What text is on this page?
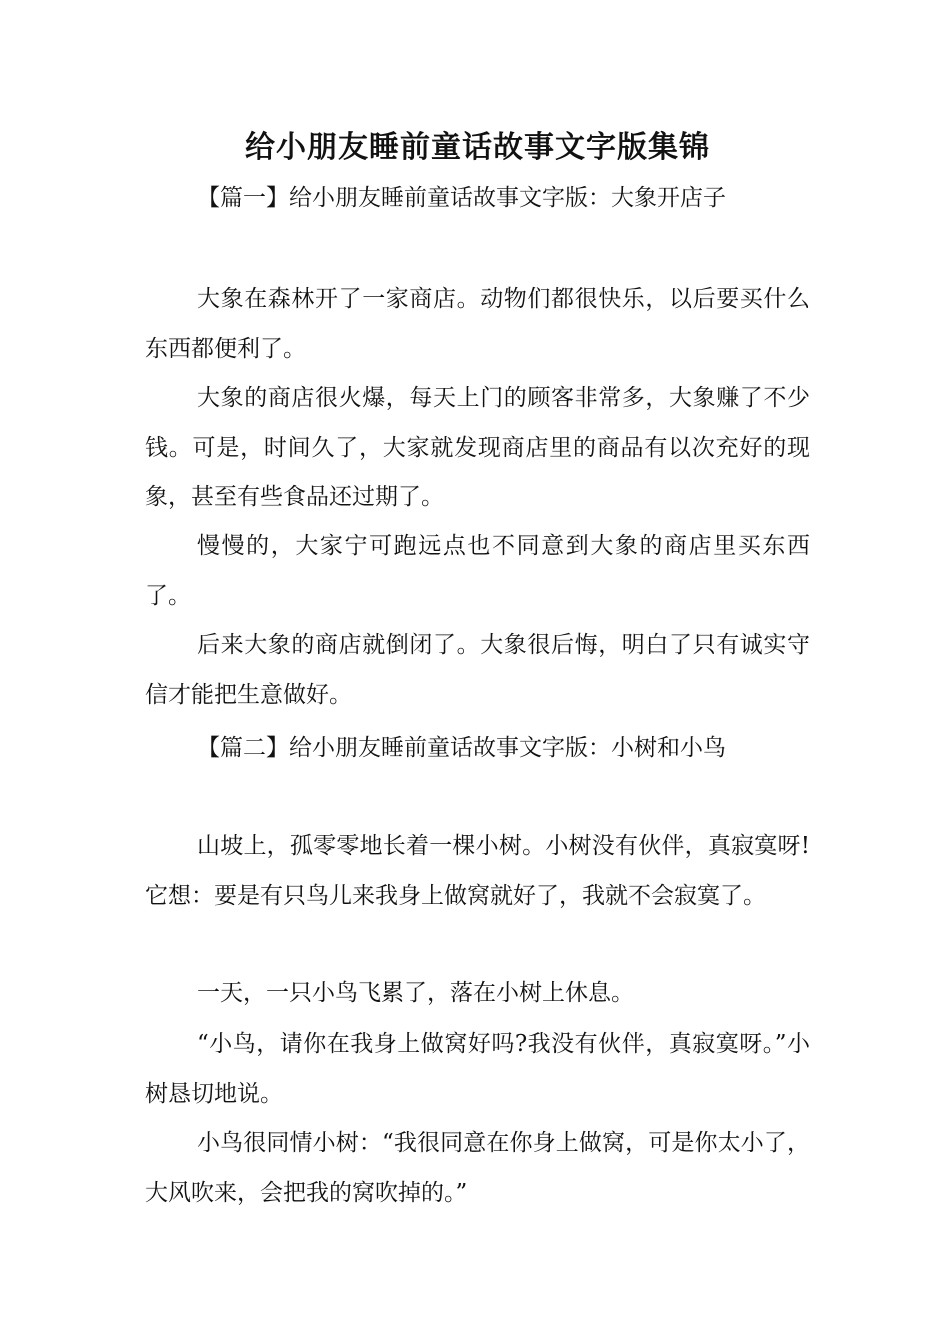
给小朋友睡前童话故事文字版集锦
【篇一】给小朋友睡前童话故事文字版：大象开店子
大象在森林开了一家商店。动物们都很快乐，以后要买什么东西都便利了。
大象的商店很火爆，每天上门的顾客非常多，大象赚了不少钱。可是，时间久了，大家就发现商店里的商品有以次充好的现象，甚至有些食品还过期了。
慢慢的，大家宁可跑远点也不同意到大象的商店里买东西了。
后来大象的商店就倒闭了。大象很后悔，明白了只有诚实守信才能把生意做好。
【篇二】给小朋友睡前童话故事文字版：小树和小鸟
山坡上，孤零零地长着一棵小树。小树没有伙伴，真寂寞呀!它想：要是有只鸟儿来我身上做窝就好了，我就不会寂寞了。
一天，一只小鸟飞累了，落在小树上休息。
“小鸟，请你在我身上做窝好吗?我没有伙伴，真寂寞呀。”小树恳切地说。
小鸟很同情小树：“我很同意在你身上做窝，可是你太小了，大风吹来，会把我的窝吹掉的。”
